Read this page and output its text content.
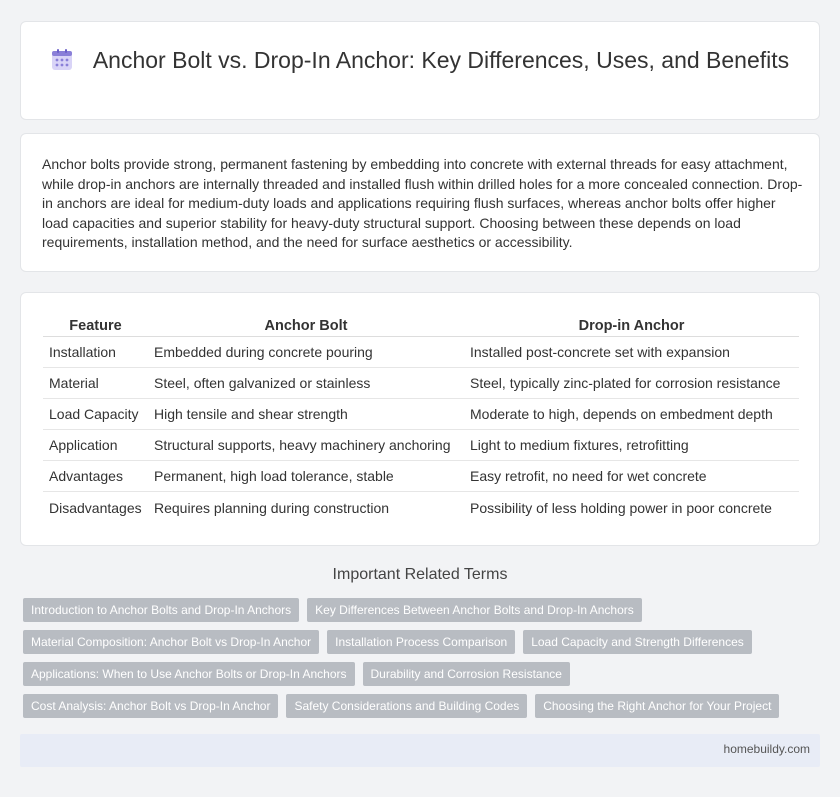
Anchor Bolt vs. Drop-In Anchor: Key Differences, Uses, and Benefits

Anchor bolts provide strong, permanent fastening by embedding into concrete with external threads for easy attachment, while drop-in anchors are internally threaded and installed flush within drilled holes for a more concealed connection. Drop-in anchors are ideal for medium-duty loads and applications requiring flush surfaces, whereas anchor bolts offer higher load capacities and superior stability for heavy-duty structural support. Choosing between these depends on load requirements, installation method, and the need for surface aesthetics or accessibility.

Feature	Anchor Bolt	Drop-in Anchor
Installation	Embedded during concrete pouring	Installed post-concrete set with expansion
Material	Steel, often galvanized or stainless	Steel, typically zinc-plated for corrosion resistance
Load Capacity	High tensile and shear strength	Moderate to high, depends on embedment depth
Application	Structural supports, heavy machinery anchoring	Light to medium fixtures, retrofitting
Advantages	Permanent, high load tolerance, stable	Easy retrofit, no need for wet concrete
Disadvantages	Requires planning during construction	Possibility of less holding power in poor concrete
Important Related Terms
Introduction to Anchor Bolts and Drop-In Anchors	Key Differences Between Anchor Bolts and Drop-In Anchors
Material Composition: Anchor Bolt vs Drop-In Anchor	Installation Process Comparison	Load Capacity and Strength Differences
Applications: When to Use Anchor Bolts or Drop-In Anchors	Durability and Corrosion Resistance
Cost Analysis: Anchor Bolt vs Drop-In Anchor	Safety Considerations and Building Codes	Choosing the Right Anchor for Your Project
homebuildy.com
